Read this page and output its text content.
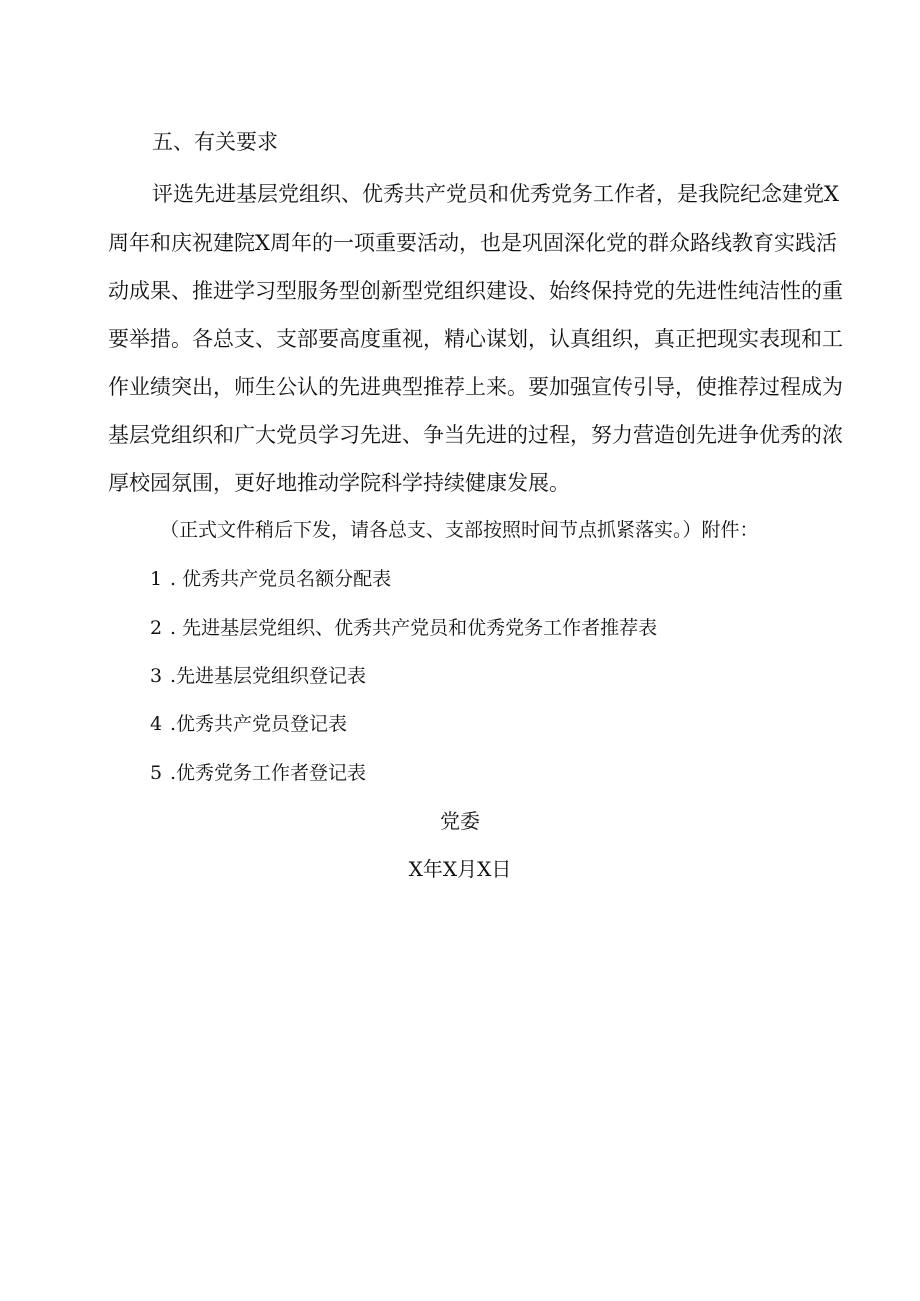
五、有关要求

评选先进基层党组织、优秀共产党员和优秀党务工作者，是我院纪念建党X

周年和庆祝建院X周年的一项重要活动，也是巩固深化党的群众路线教育实践活

动成果、推进学习型服务型创新型党组织建设、始终保持党的先进性纯洁性的重

要举措。各总支、支部要高度重视，精心谋划，认真组织，真正把现实表现和工

作业绩突出，师生公认的先进典型推荐上来。要加强宣传引导，使推荐过程成为

基层党组织和广大党员学习先进、争当先进的过程，努力营造创先进争优秀的浓

厚校园氛围，更好地推动学院科学持续健康发展。

（正式文件稍后下发，请各总支、支部按照时间节点抓紧落实。）附件：

1 . 优秀共产党员名额分配表

2 . 先进基层党组织、优秀共产党员和优秀党务工作者推荐表

3 .先进基层党组织登记表

4 .优秀共产党员登记表

5 .优秀党务工作者登记表

党委

X年X月X日
